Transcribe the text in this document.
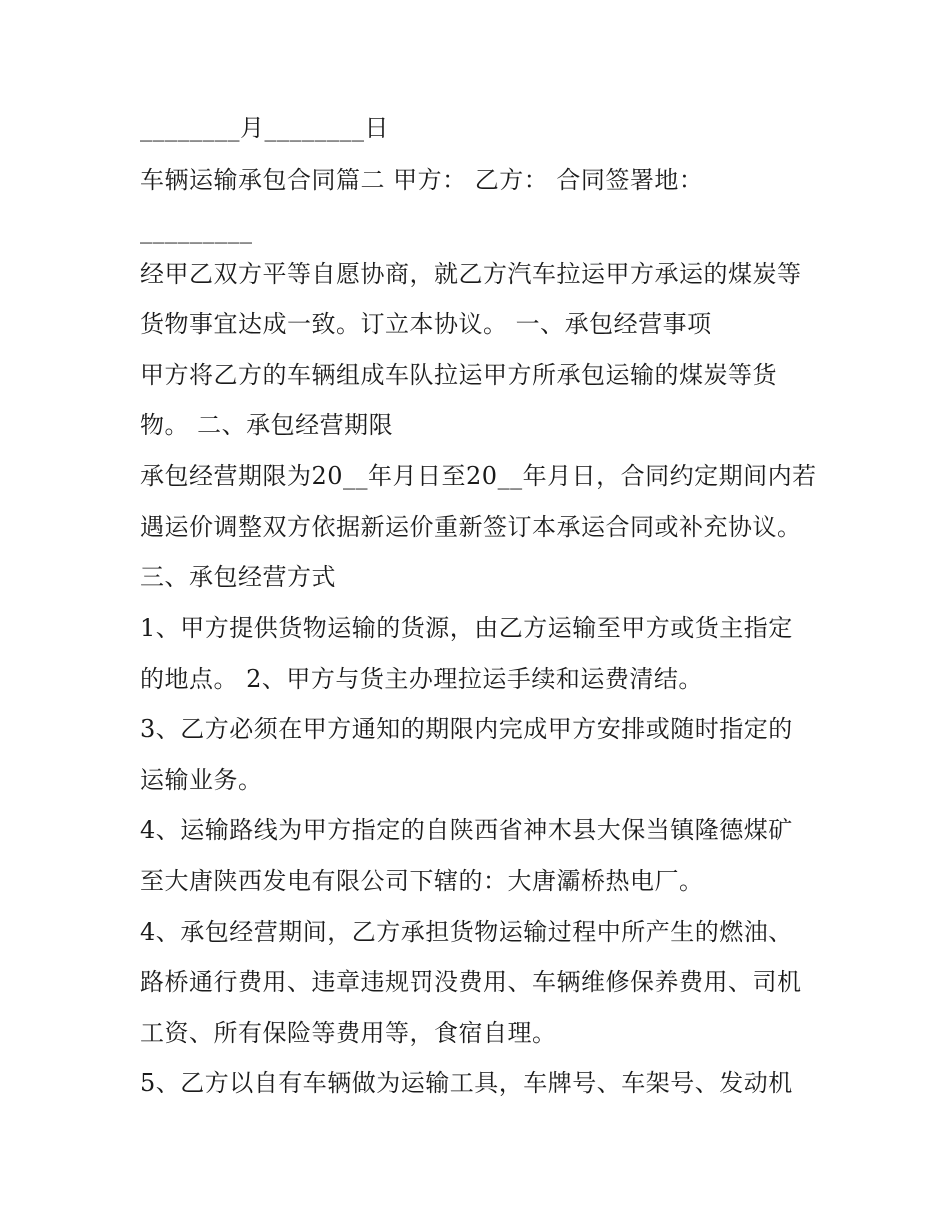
________月________日
车辆运输承包合同篇二 甲方： 乙方： 合同签署地：
_________
经甲乙双方平等自愿协商，就乙方汽车拉运甲方承运的煤炭等
货物事宜达成一致。订立本协议。 一、承包经营事项
甲方将乙方的车辆组成车队拉运甲方所承包运输的煤炭等货
物。 二、承包经营期限
承包经营期限为20__年月日至20__年月日，合同约定期间内若
遇运价调整双方依据新运价重新签订本承运合同或补充协议。
三、承包经营方式
1、甲方提供货物运输的货源，由乙方运输至甲方或货主指定
的地点。 2、甲方与货主办理拉运手续和运费清结。
3、乙方必须在甲方通知的期限内完成甲方安排或随时指定的
运输业务。
4、运输路线为甲方指定的自陕西省神木县大保当镇隆德煤矿
至大唐陕西发电有限公司下辖的：大唐灞桥热电厂。
4、承包经营期间，乙方承担货物运输过程中所产生的燃油、
路桥通行费用、违章违规罚没费用、车辆维修保养费用、司机
工资、所有保险等费用等，食宿自理。
5、乙方以自有车辆做为运输工具，车牌号、车架号、发动机
